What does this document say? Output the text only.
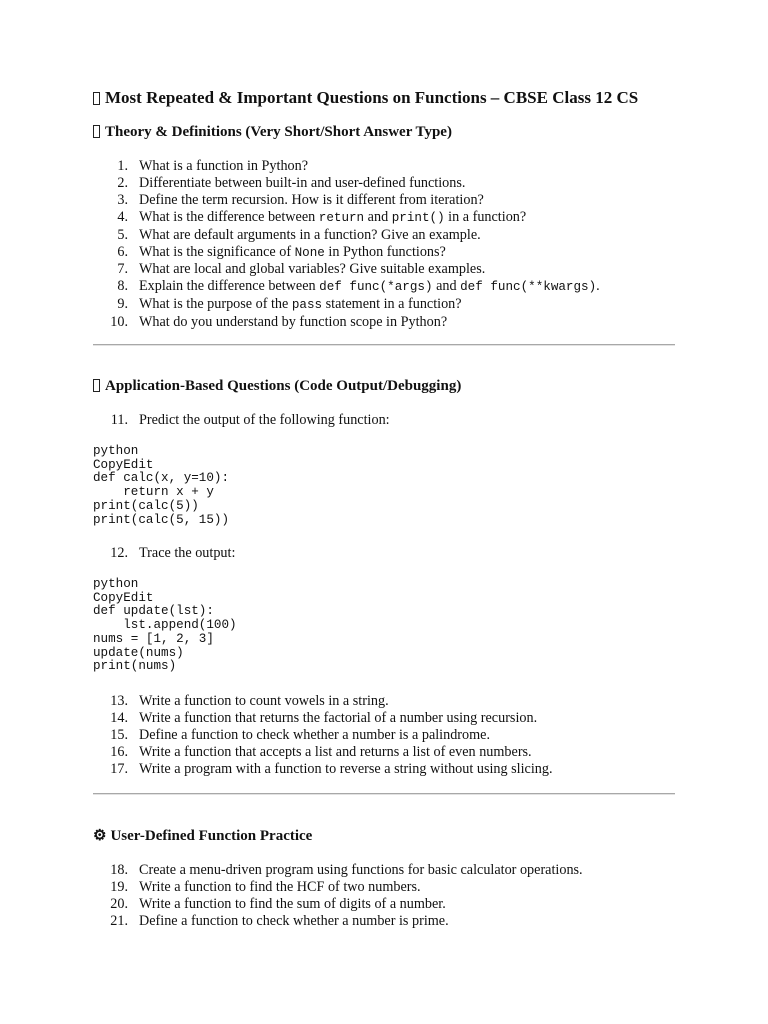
Most Repeated & Important Questions on Functions – CBSE Class 12 CS
Theory & Definitions (Very Short/Short Answer Type)
1. What is a function in Python?
2. Differentiate between built-in and user-defined functions.
3. Define the term recursion. How is it different from iteration?
4. What is the difference between return and print() in a function?
5. What are default arguments in a function? Give an example.
6. What is the significance of None in Python functions?
7. What are local and global variables? Give suitable examples.
8. Explain the difference between def func(*args) and def func(**kwargs).
9. What is the purpose of the pass statement in a function?
10. What do you understand by function scope in Python?
Application-Based Questions (Code Output/Debugging)
11. Predict the output of the following function:
python
CopyEdit
def calc(x, y=10):
return x + y
print(calc(5))
print(calc(5, 15))
12. Trace the output:
python
CopyEdit
def update(lst):
lst.append(100)
nums = [1, 2, 3]
update(nums)
print(nums)
13. Write a function to count vowels in a string.
14. Write a function that returns the factorial of a number using recursion.
15. Define a function to check whether a number is a palindrome.
16. Write a function that accepts a list and returns a list of even numbers.
17. Write a program with a function to reverse a string without using slicing.
⚙ User-Defined Function Practice
18. Create a menu-driven program using functions for basic calculator operations.
19. Write a function to find the HCF of two numbers.
20. Write a function to find the sum of digits of a number.
21. Define a function to check whether a number is prime.
